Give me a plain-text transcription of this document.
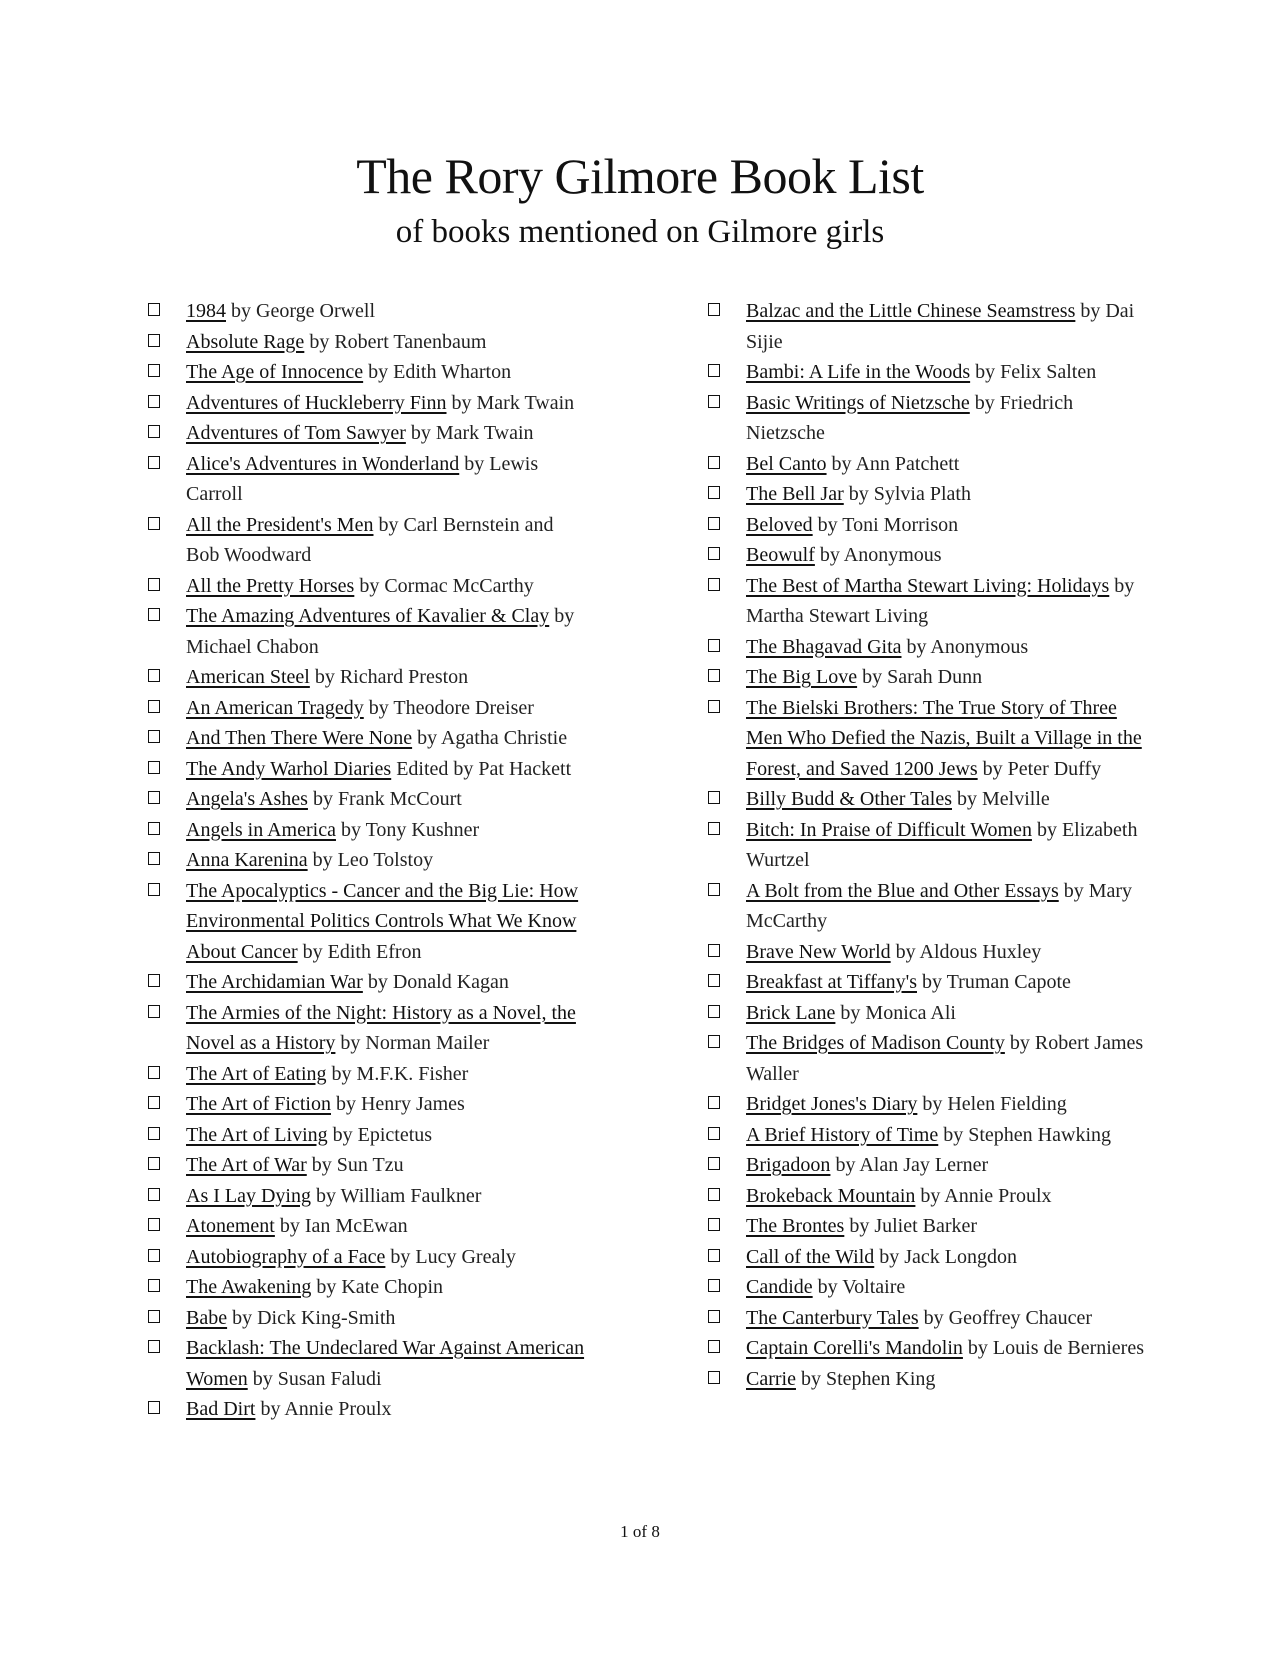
The Rory Gilmore Book List
of books mentioned on Gilmore girls
1984 by George Orwell
Absolute Rage by Robert Tanenbaum
The Age of Innocence by Edith Wharton
Adventures of Huckleberry Finn by Mark Twain
Adventures of Tom Sawyer by Mark Twain
Alice's Adventures in Wonderland by Lewis Carroll
All the President's Men by Carl Bernstein and Bob Woodward
All the Pretty Horses by Cormac McCarthy
The Amazing Adventures of Kavalier & Clay by Michael Chabon
American Steel by Richard Preston
An American Tragedy by Theodore Dreiser
And Then There Were None by Agatha Christie
The Andy Warhol Diaries Edited by Pat Hackett
Angela's Ashes by Frank McCourt
Angels in America by Tony Kushner
Anna Karenina by Leo Tolstoy
The Apocalyptics - Cancer and the Big Lie: How Environmental Politics Controls What We Know About Cancer by Edith Efron
The Archidamian War by Donald Kagan
The Armies of the Night: History as a Novel, the Novel as a History by Norman Mailer
The Art of Eating by M.F.K. Fisher
The Art of Fiction by Henry James
The Art of Living by Epictetus
The Art of War by Sun Tzu
As I Lay Dying by William Faulkner
Atonement by Ian McEwan
Autobiography of a Face by Lucy Grealy
The Awakening by Kate Chopin
Babe by Dick King-Smith
Backlash: The Undeclared War Against American Women by Susan Faludi
Bad Dirt by Annie Proulx
Balzac and the Little Chinese Seamstress by Dai Sijie
Bambi: A Life in the Woods by Felix Salten
Basic Writings of Nietzsche by Friedrich Nietzsche
Bel Canto by Ann Patchett
The Bell Jar by Sylvia Plath
Beloved by Toni Morrison
Beowulf by Anonymous
The Best of Martha Stewart Living: Holidays by Martha Stewart Living
The Bhagavad Gita by Anonymous
The Big Love by Sarah Dunn
The Bielski Brothers: The True Story of Three Men Who Defied the Nazis, Built a Village in the Forest, and Saved 1200 Jews by Peter Duffy
Billy Budd & Other Tales by Melville
Bitch: In Praise of Difficult Women by Elizabeth Wurtzel
A Bolt from the Blue and Other Essays by Mary McCarthy
Brave New World by Aldous Huxley
Breakfast at Tiffany's by Truman Capote
Brick Lane by Monica Ali
The Bridges of Madison County by Robert James Waller
Bridget Jones's Diary by Helen Fielding
A Brief History of Time by Stephen Hawking
Brigadoon by Alan Jay Lerner
Brokeback Mountain by Annie Proulx
The Brontes by Juliet Barker
Call of the Wild by Jack Longdon
Candide by Voltaire
The Canterbury Tales by Geoffrey Chaucer
Captain Corelli's Mandolin by Louis de Bernieres
Carrie by Stephen King
1 of 8
